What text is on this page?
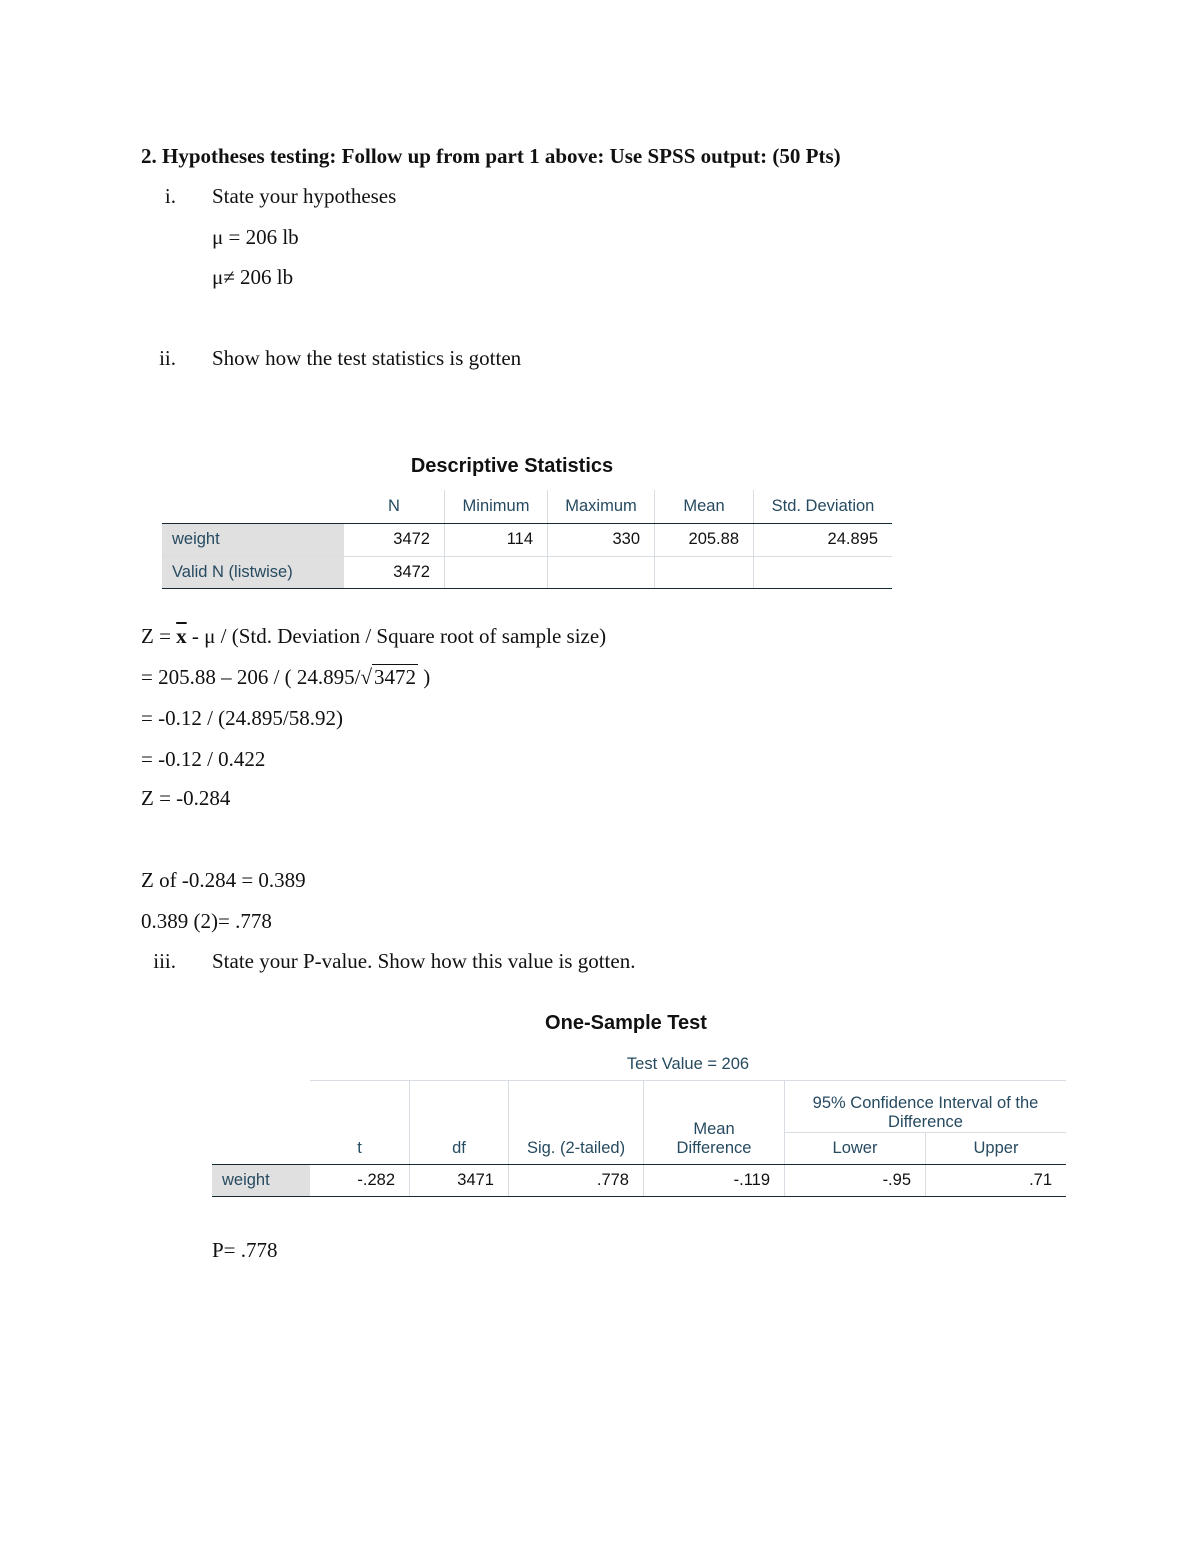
2. Hypotheses testing: Follow up from part 1 above: Use SPSS output: (50 Pts)
i. State your hypotheses
μ = 206 lb
μ≠ 206 lb
ii. Show how the test statistics is gotten
Descriptive Statistics
	N	Minimum	Maximum	Mean	Std. Deviation
weight	3472	114	330	205.88	24.895
Valid N (listwise)	3472				
$Z = \overline{x} - \mu / (Std$. Deviation / Square root of sample size)
= 205.88 – 206 / ( 24.895/√3472 )
= -0.12 / (24.895/58.92)
= -0.12 / 0.422
Z = -0.284
Z of -0.284 = 0.389
0.389 (2)= .778
iii. State your P-value. Show how this value is gotten.
One-Sample Test
	Test Value = 206					
	t	df	Sig. (2-tailed)	Mean Difference	95% Confidence Interval of the Difference	
					Lower	Upper
weight	-.282	3471	.778	-.119	-.95	.71
P= .778
